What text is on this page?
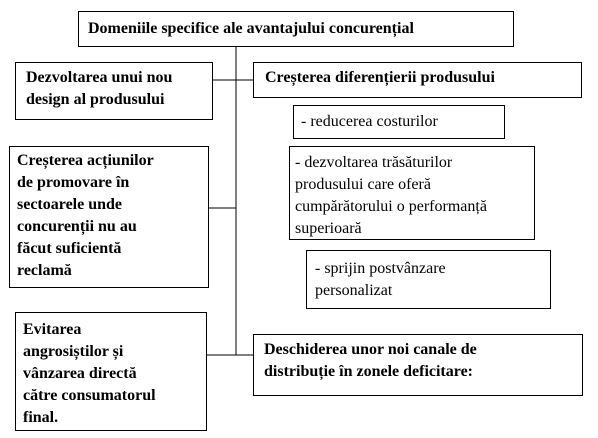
Domeniile specifice ale avantajului concurențial
Dezvoltarea unui nou
design al produsului
Creșterea diferențierii produsului
- reducerea costurilor
- dezvoltarea trăsăturilor
produsului care oferă
cumpărătorului o performanță
superioară
- sprijin postvânzare
personalizat
Creșterea acțiunilor
de promovare în
sectoarele unde
concurenții nu au
făcut suficientă
reclamă
Evitarea
angrosiștilor și
vânzarea directă
către consumatorul
final.
Deschiderea unor noi canale de
distribuție în zonele deficitare:
